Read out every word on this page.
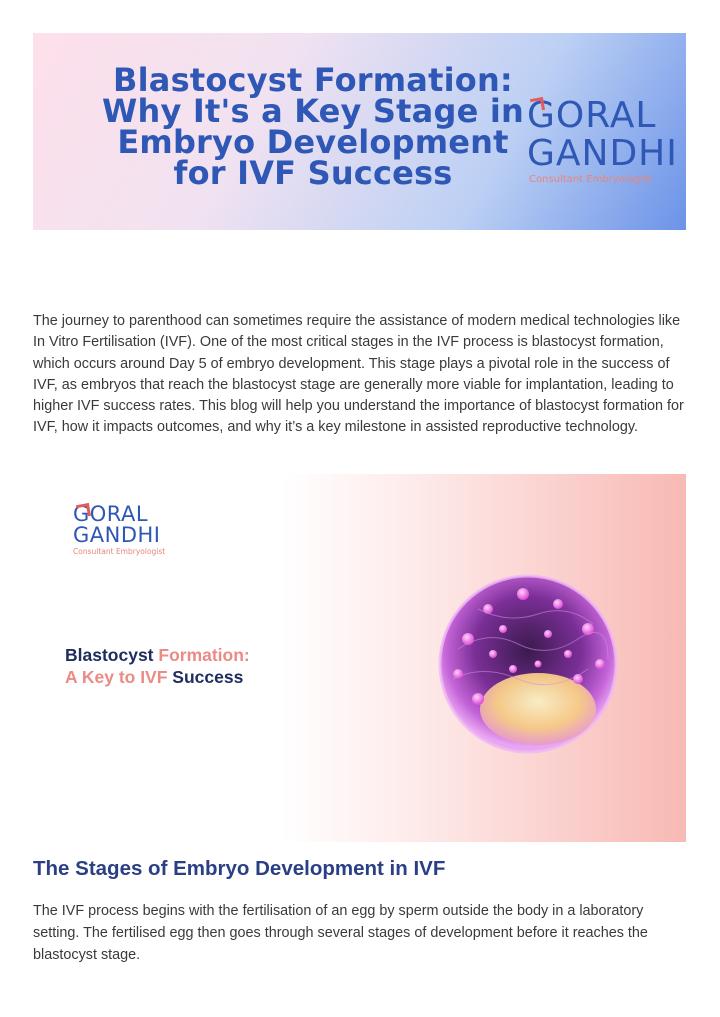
Blastocyst Formation:
Why It's a Key Stage in
Embryo Development
for IVF Success
GORAL
GANDHI
Consultant Embryologist

The journey to parenthood can sometimes require the assistance of modern medical technologies like In Vitro Fertilisation (IVF). One of the most critical stages in the IVF process is blastocyst formation, which occurs around Day 5 of embryo development. This stage plays a pivotal role in the success of IVF, as embryos that reach the blastocyst stage are generally more viable for implantation, leading to higher IVF success rates. This blog will help you understand the importance of blastocyst formation for IVF, how it impacts outcomes, and why it’s a key milestone in assisted reproductive technology.

GORAL
GANDHI
Consultant Embryologist
Blastocyst Formation:
A Key to IVF Success
The Stages of Embryo Development in IVF

The IVF process begins with the fertilisation of an egg by sperm outside the body in a laboratory setting. The fertilised egg then goes through several stages of development before it reaches the blastocyst stage.
